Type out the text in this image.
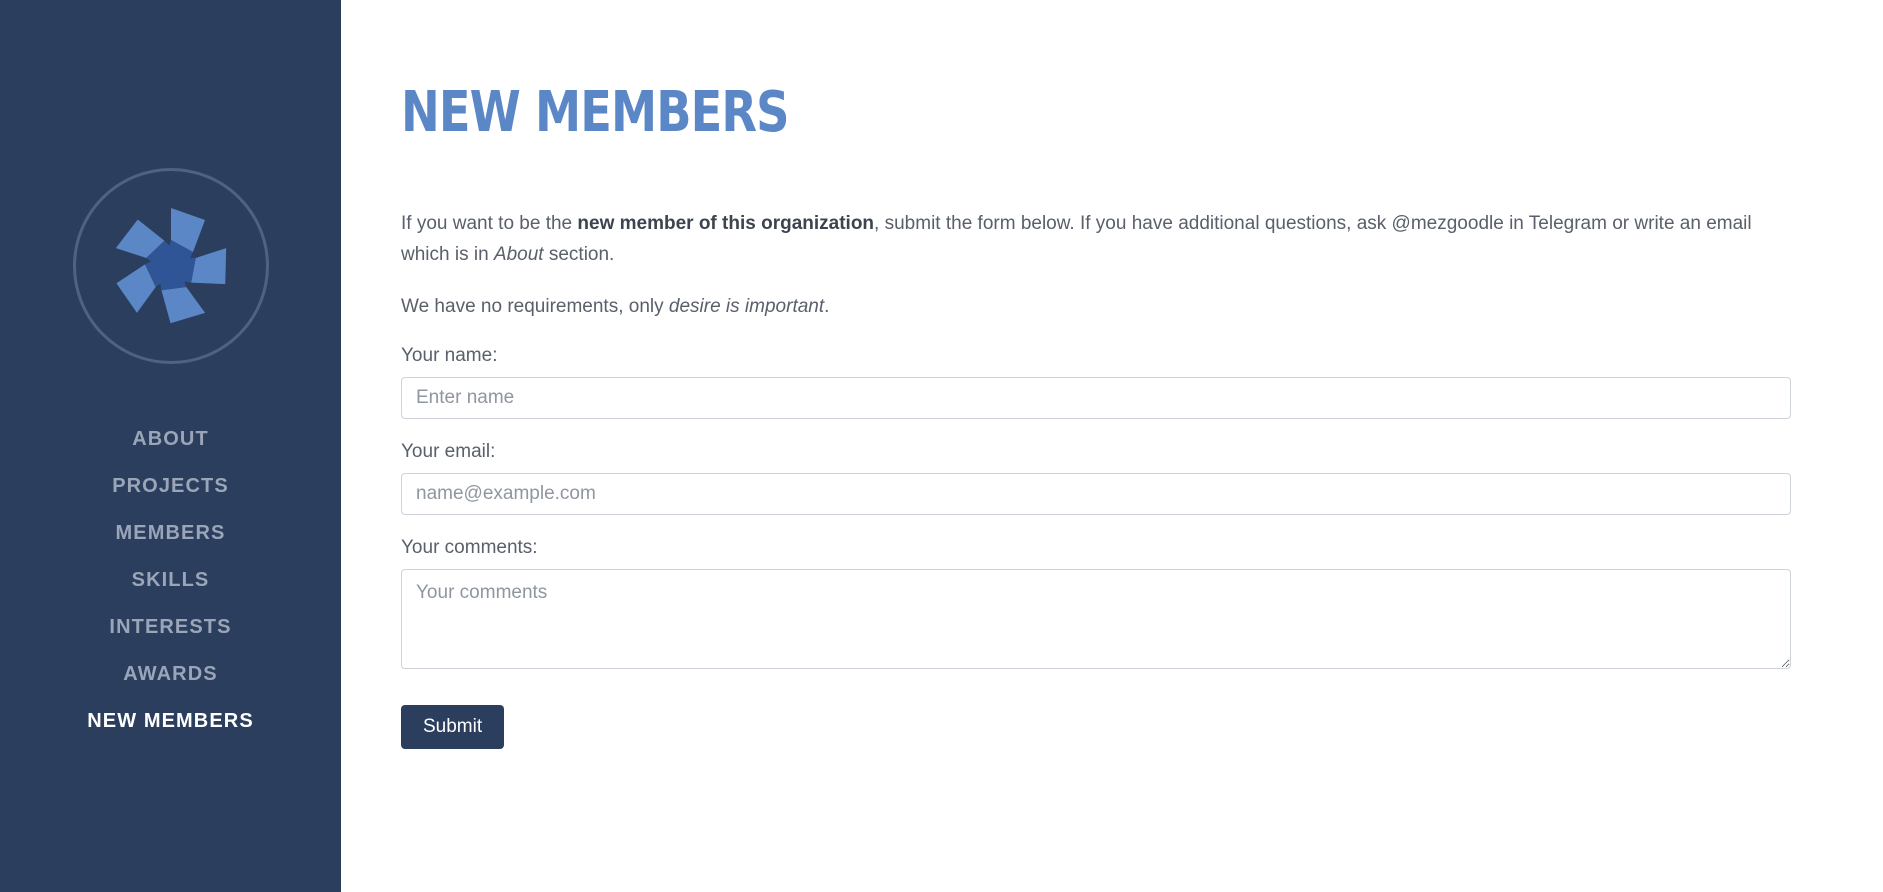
ABOUT
PROJECTS
MEMBERS
SKILLS
INTERESTS
AWARDS
NEW MEMBERS
NEW MEMBERS

If you want to be the new member of this organization, submit the form below. If you have additional questions, ask @mezgoodle in Telegram or write an email which is in About section.

We have no requirements, only desire is important.

Your name:
Enter name
Your email:
name@example.com
Your comments:
Your comments Submit
